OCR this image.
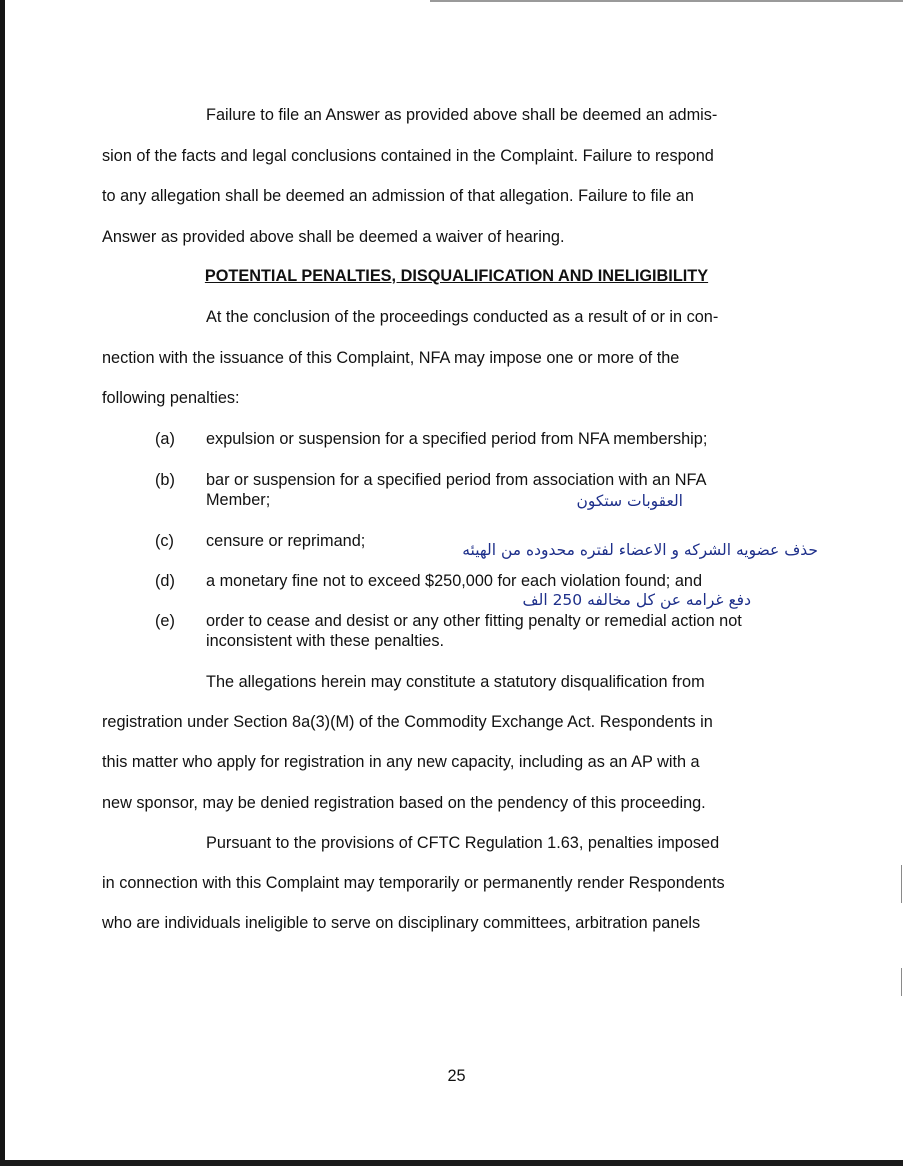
Failure to file an Answer as provided above shall be deemed an admis-
sion of the facts and legal conclusions contained in the Complaint. Failure to respond
to any allegation shall be deemed an admission of that allegation. Failure to file an
Answer as provided above shall be deemed a waiver of hearing.
POTENTIAL PENALTIES, DISQUALIFICATION AND INELIGIBILITY
At the conclusion of the proceedings conducted as a result of or in con-
nection with the issuance of this Complaint, NFA may impose one or more of the
following penalties:
(a) expulsion or suspension for a specified period from NFA membership;
(b) bar or suspension for a specified period from association with an NFA Member;
(c) censure or reprimand;
(d) a monetary fine not to exceed $250,000 for each violation found; and
(e) order to cease and desist or any other fitting penalty or remedial action not inconsistent with these penalties.
العقوبات ستكون
حذف عضويه الشركه و الاعضاء لفتره محدوده من الهيئه
دفع غرامه عن كل مخالفه 250 الف
The allegations herein may constitute a statutory disqualification from
registration under Section 8a(3)(M) of the Commodity Exchange Act. Respondents in
this matter who apply for registration in any new capacity, including as an AP with a
new sponsor, may be denied registration based on the pendency of this proceeding.
Pursuant to the provisions of CFTC Regulation 1.63, penalties imposed
in connection with this Complaint may temporarily or permanently render Respondents
who are individuals ineligible to serve on disciplinary committees, arbitration panels
25
